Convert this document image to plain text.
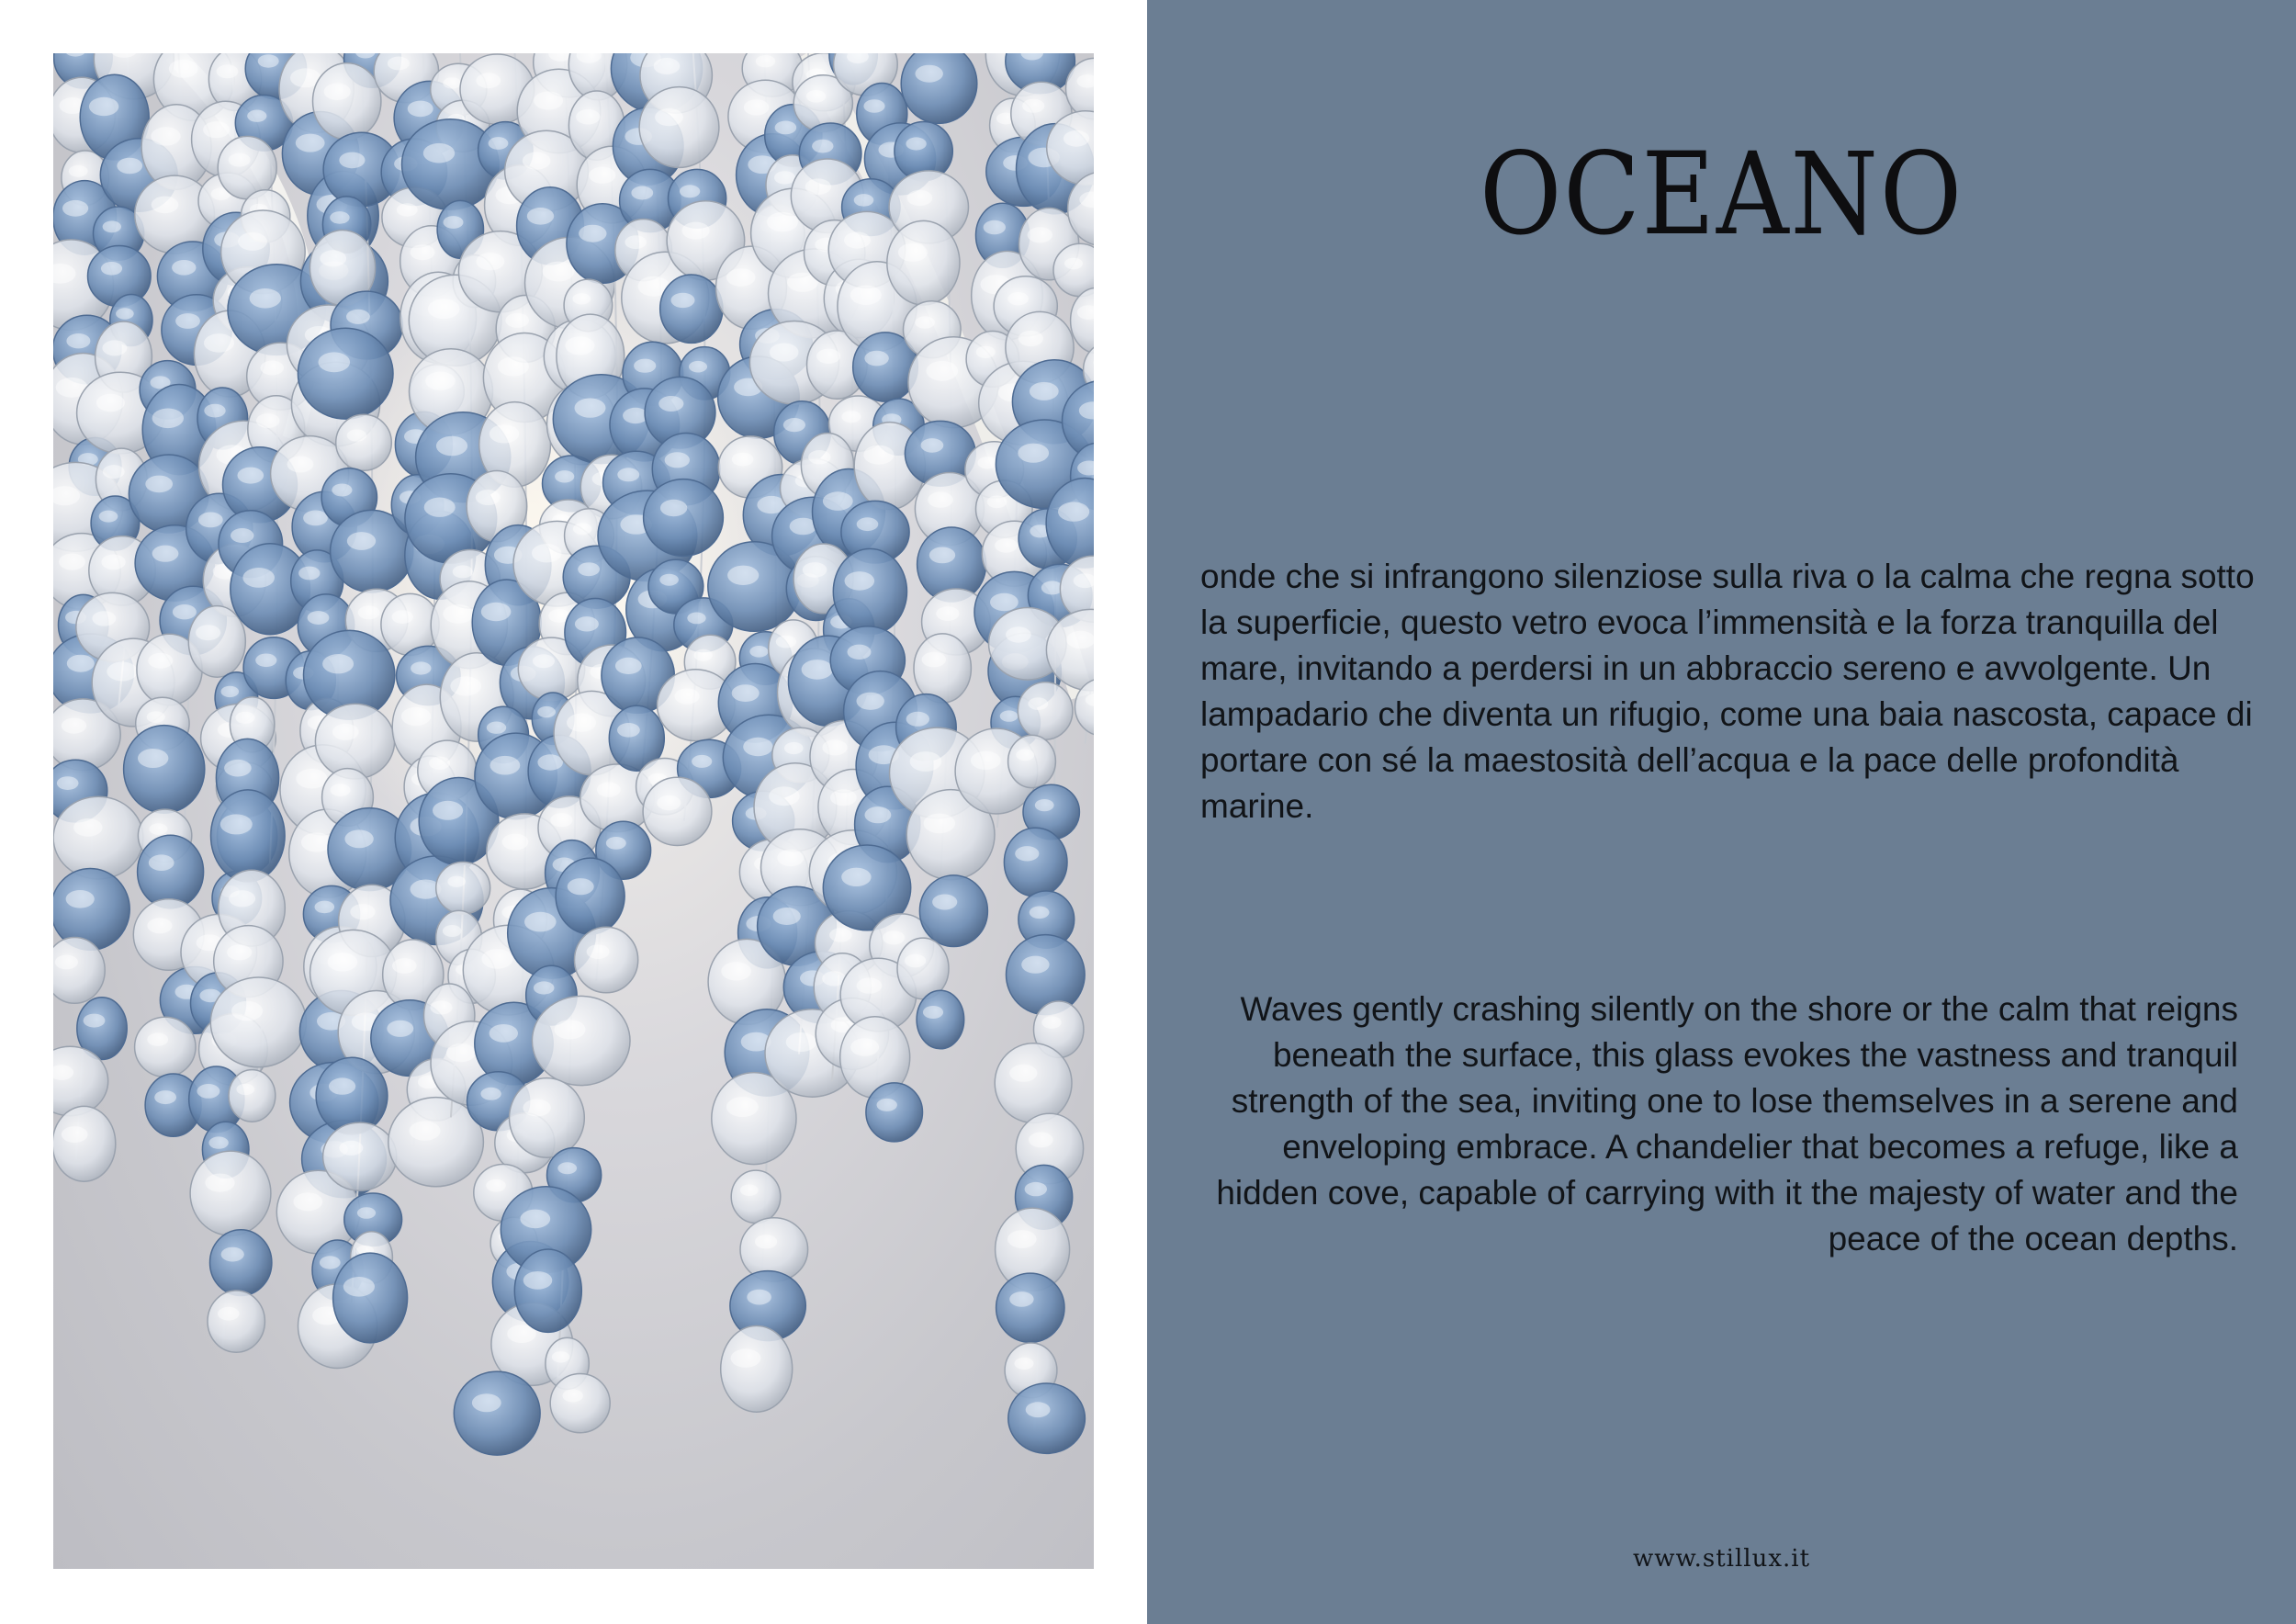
OCEANO
onde che si infrangono silenziose sulla riva o la calma che regna sotto la superficie, questo vetro evoca l’immensità e la forza tranquilla del mare, invitando a perdersi in un abbraccio sereno e avvolgente. Un lampadario che diventa un rifugio, come una baia nascosta, capace di portare con sé la maestosità dell’acqua e la pace delle profondità marine.
Waves gently crashing silently on the shore or the calm that reigns beneath the surface, this glass evokes the vastness and tranquil strength of the sea, inviting one to lose themselves in a serene and enveloping embrace. A chandelier that becomes a refuge, like a hidden cove, capable of carrying with it the majesty of water and the peace of the ocean depths.
www.stillux.it
